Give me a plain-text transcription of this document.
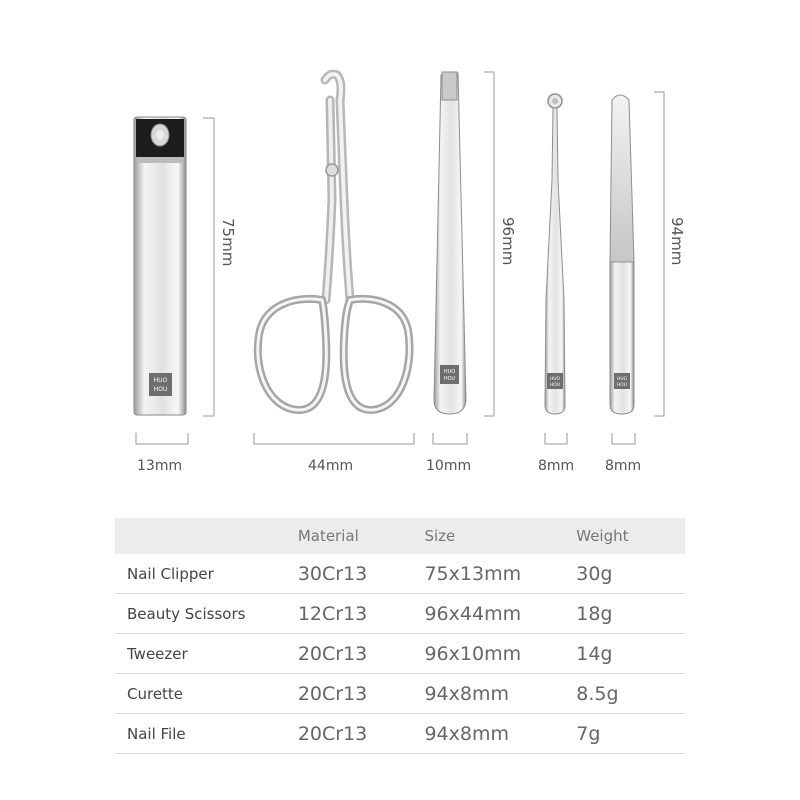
HUO
HOU
HUO
HOU	HUO
HOU
HUO
HOU
75mm	96mm	94mm
13mm	44mm	10mm	8mm 8mm
	Material	Size	Weight
Nail Clipper	30Cr13	75x13mm	30g
Beauty Scissors	12Cr13	96x44mm	18g
Tweezer	20Cr13	96x10mm	14g
Curette	20Cr13	94x8mm	8.5g
Nail File	20Cr13	94x8mm	7g
